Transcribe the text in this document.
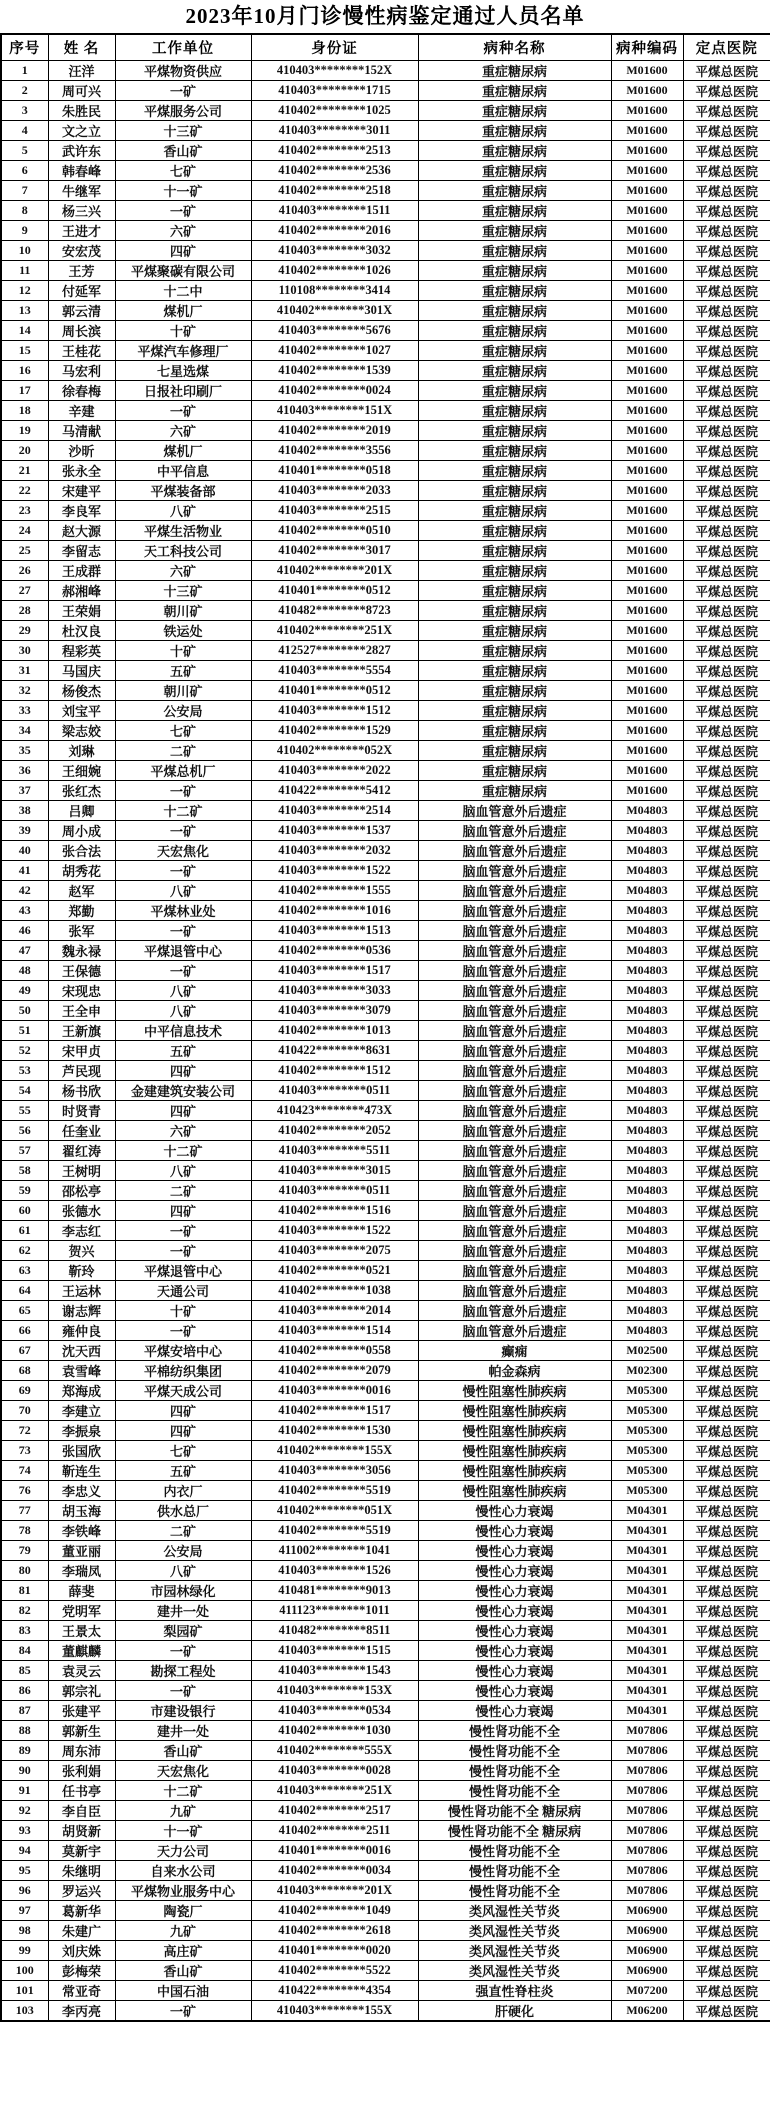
2023年10月门诊慢性病鉴定通过人员名单
序号	姓 名	工作单位	身份证	病种名称	病种编码	定点医院
1	汪洋	平煤物资供应	410403********152X	重症糖尿病	M01600	平煤总医院
2	周可兴	一矿	410403********1715	重症糖尿病	M01600	平煤总医院
3	朱胜民	平煤服务公司	410402********1025	重症糖尿病	M01600	平煤总医院
4	文之立	十三矿	410403********3011	重症糖尿病	M01600	平煤总医院
5	武许东	香山矿	410402********2513	重症糖尿病	M01600	平煤总医院
6	韩春峰	七矿	410402********2536	重症糖尿病	M01600	平煤总医院
7	牛继军	十一矿	410402********2518	重症糖尿病	M01600	平煤总医院
8	杨三兴	一矿	410403********1511	重症糖尿病	M01600	平煤总医院
9	王进才	六矿	410402********2016	重症糖尿病	M01600	平煤总医院
10	安宏茂	四矿	410403********3032	重症糖尿病	M01600	平煤总医院
11	王芳	平煤聚碳有限公司	410402********1026	重症糖尿病	M01600	平煤总医院
12	付延军	十二中	110108********3414	重症糖尿病	M01600	平煤总医院
13	郭云清	煤机厂	410402********301X	重症糖尿病	M01600	平煤总医院
14	周长滨	十矿	410403********5676	重症糖尿病	M01600	平煤总医院
15	王桂花	平煤汽车修理厂	410402********1027	重症糖尿病	M01600	平煤总医院
16	马宏利	七星选煤	410402********1539	重症糖尿病	M01600	平煤总医院
17	徐春梅	日报社印刷厂	410402********0024	重症糖尿病	M01600	平煤总医院
18	辛建	一矿	410403********151X	重症糖尿病	M01600	平煤总医院
19	马清献	六矿	410402********2019	重症糖尿病	M01600	平煤总医院
20	沙昕	煤机厂	410402********3556	重症糖尿病	M01600	平煤总医院
21	张永全	中平信息	410401********0518	重症糖尿病	M01600	平煤总医院
22	宋建平	平煤装备部	410403********2033	重症糖尿病	M01600	平煤总医院
23	李良军	八矿	410403********2515	重症糖尿病	M01600	平煤总医院
24	赵大源	平煤生活物业	410402********0510	重症糖尿病	M01600	平煤总医院
25	李留志	天工科技公司	410402********3017	重症糖尿病	M01600	平煤总医院
26	王成群	六矿	410402********201X	重症糖尿病	M01600	平煤总医院
27	郝湘峰	十三矿	410401********0512	重症糖尿病	M01600	平煤总医院
28	王荣娟	朝川矿	410482********8723	重症糖尿病	M01600	平煤总医院
29	杜汉良	铁运处	410402********251X	重症糖尿病	M01600	平煤总医院
30	程彩英	十矿	412527********2827	重症糖尿病	M01600	平煤总医院
31	马国庆	五矿	410403********5554	重症糖尿病	M01600	平煤总医院
32	杨俊杰	朝川矿	410401********0512	重症糖尿病	M01600	平煤总医院
33	刘宝平	公安局	410403********1512	重症糖尿病	M01600	平煤总医院
34	梁志姣	七矿	410402********1529	重症糖尿病	M01600	平煤总医院
35	刘琳	二矿	410402********052X	重症糖尿病	M01600	平煤总医院
36	王细婉	平煤总机厂	410403********2022	重症糖尿病	M01600	平煤总医院
37	张红杰	一矿	410422********5412	重症糖尿病	M01600	平煤总医院
38	吕卿	十二矿	410403********2514	脑血管意外后遗症	M04803	平煤总医院
39	周小成	一矿	410403********1537	脑血管意外后遗症	M04803	平煤总医院
40	张合法	天宏焦化	410403********2032	脑血管意外后遗症	M04803	平煤总医院
41	胡秀花	一矿	410403********1522	脑血管意外后遗症	M04803	平煤总医院
42	赵军	八矿	410402********1555	脑血管意外后遗症	M04803	平煤总医院
43	郑勤	平煤林业处	410402********1016	脑血管意外后遗症	M04803	平煤总医院
46	张军	一矿	410403********1513	脑血管意外后遗症	M04803	平煤总医院
47	魏永禄	平煤退管中心	410402********0536	脑血管意外后遗症	M04803	平煤总医院
48	王保德	一矿	410403********1517	脑血管意外后遗症	M04803	平煤总医院
49	宋现忠	八矿	410403********3033	脑血管意外后遗症	M04803	平煤总医院
50	王全申	八矿	410403********3079	脑血管意外后遗症	M04803	平煤总医院
51	王新旗	中平信息技术	410402********1013	脑血管意外后遗症	M04803	平煤总医院
52	宋甲贞	五矿	410422********8631	脑血管意外后遗症	M04803	平煤总医院
53	芦民现	四矿	410402********1512	脑血管意外后遗症	M04803	平煤总医院
54	杨书欣	金建建筑安装公司	410403********0511	脑血管意外后遗症	M04803	平煤总医院
55	时贤青	四矿	410423********473X	脑血管意外后遗症	M04803	平煤总医院
56	任奎业	六矿	410402********2052	脑血管意外后遗症	M04803	平煤总医院
57	翟红涛	十二矿	410403********5511	脑血管意外后遗症	M04803	平煤总医院
58	王树明	八矿	410403********3015	脑血管意外后遗症	M04803	平煤总医院
59	邵松亭	二矿	410403********0511	脑血管意外后遗症	M04803	平煤总医院
60	张德水	四矿	410402********1516	脑血管意外后遗症	M04803	平煤总医院
61	李志红	一矿	410403********1522	脑血管意外后遗症	M04803	平煤总医院
62	贺兴	一矿	410403********2075	脑血管意外后遗症	M04803	平煤总医院
63	靳玲	平煤退管中心	410402********0521	脑血管意外后遗症	M04803	平煤总医院
64	王运林	天通公司	410402********1038	脑血管意外后遗症	M04803	平煤总医院
65	谢志辉	十矿	410403********2014	脑血管意外后遗症	M04803	平煤总医院
66	雍仲良	一矿	410403********1514	脑血管意外后遗症	M04803	平煤总医院
67	沈天西	平煤安培中心	410402********0558	癫痫	M02500	平煤总医院
68	袁雪峰	平棉纺织集团	410402********2079	帕金森病	M02300	平煤总医院
69	郑海成	平煤天成公司	410403********0016	慢性阻塞性肺疾病	M05300	平煤总医院
70	李建立	四矿	410402********1517	慢性阻塞性肺疾病	M05300	平煤总医院
72	李振泉	四矿	410402********1530	慢性阻塞性肺疾病	M05300	平煤总医院
73	张国欣	七矿	410402********155X	慢性阻塞性肺疾病	M05300	平煤总医院
74	靳连生	五矿	410403********3056	慢性阻塞性肺疾病	M05300	平煤总医院
76	李忠义	内衣厂	410402********5519	慢性阻塞性肺疾病	M05300	平煤总医院
77	胡玉海	供水总厂	410402********051X	慢性心力衰竭	M04301	平煤总医院
78	李铁峰	二矿	410402********5519	慢性心力衰竭	M04301	平煤总医院
79	董亚丽	公安局	411002********1041	慢性心力衰竭	M04301	平煤总医院
80	李瑞凤	八矿	410403********1526	慢性心力衰竭	M04301	平煤总医院
81	薛斐	市园林绿化	410481********9013	慢性心力衰竭	M04301	平煤总医院
82	党明军	建井一处	411123********1011	慢性心力衰竭	M04301	平煤总医院
83	王景太	梨园矿	410482********8511	慢性心力衰竭	M04301	平煤总医院
84	董麒麟	一矿	410403********1515	慢性心力衰竭	M04301	平煤总医院
85	袁灵云	勘探工程处	410403********1543	慢性心力衰竭	M04301	平煤总医院
86	郭宗礼	一矿	410403********153X	慢性心力衰竭	M04301	平煤总医院
87	张建平	市建设银行	410403********0534	慢性心力衰竭	M04301	平煤总医院
88	郭新生	建井一处	410402********1030	慢性肾功能不全	M07806	平煤总医院
89	周东沛	香山矿	410402********555X	慢性肾功能不全	M07806	平煤总医院
90	张利娟	天宏焦化	410403********0028	慢性肾功能不全	M07806	平煤总医院
91	任书亭	十二矿	410403********251X	慢性肾功能不全	M07806	平煤总医院
92	李自臣	九矿	410402********2517	慢性肾功能不全 糖尿病	M07806	平煤总医院
93	胡贤新	十一矿	410402********2511	慢性肾功能不全 糖尿病	M07806	平煤总医院
94	莫新宇	天力公司	410401********0016	慢性肾功能不全	M07806	平煤总医院
95	朱继明	自来水公司	410402********0034	慢性肾功能不全	M07806	平煤总医院
96	罗运兴	平煤物业服务中心	410403********201X	慢性肾功能不全	M07806	平煤总医院
97	葛新华	陶瓷厂	410402********1049	类风湿性关节炎	M06900	平煤总医院
98	朱建广	九矿	410402********2618	类风湿性关节炎	M06900	平煤总医院
99	刘庆姝	高庄矿	410401********0020	类风湿性关节炎	M06900	平煤总医院
100	彭梅荣	香山矿	410402********5522	类风湿性关节炎	M06900	平煤总医院
101	常亚奇	中国石油	410422********4354	强直性脊柱炎	M07200	平煤总医院
103	李丙亮	一矿	410403********155X	肝硬化	M06200	平煤总医院
